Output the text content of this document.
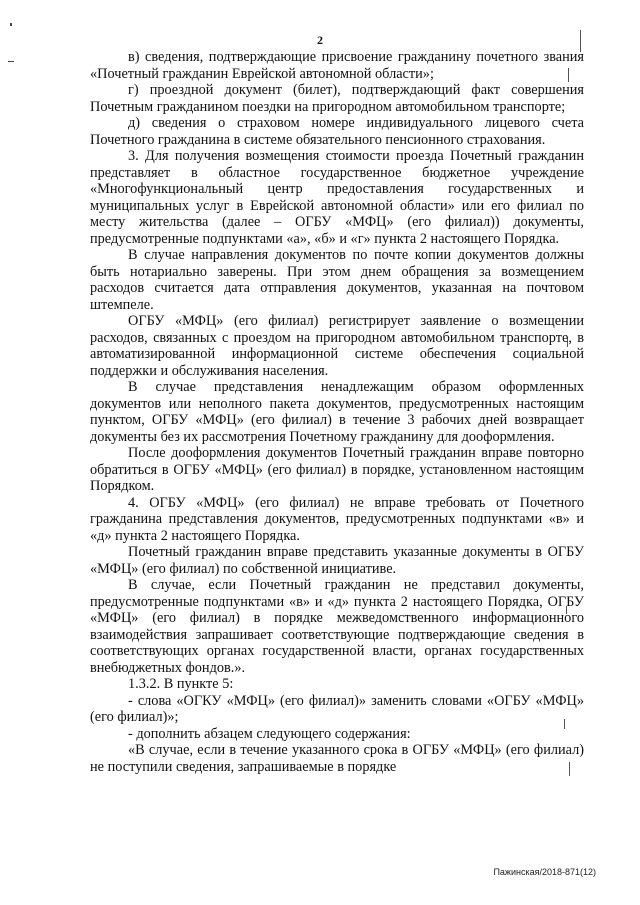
2

в) сведения, подтверждающие присвоение гражданину почетного звания «Почетный гражданин Еврейской автономной области»;

г) проездной документ (билет), подтверждающий факт совершения Почетным гражданином поездки на пригородном автомобильном транспорте;

д) сведения о страховом номере индивидуального лицевого счета Почетного гражданина в системе обязательного пенсионного страхования.

3. Для получения возмещения стоимости проезда Почетный гражданин представляет в областное государственное бюджетное учреждение «Многофункциональный центр предоставления государственных и муниципальных услуг в Еврейской автономной области» или его филиал по месту жительства (далее – ОГБУ «МФЦ» (его филиал)) документы, предусмотренные подпунктами «а», «б» и «г» пункта 2 настоящего Порядка.

В случае направления документов по почте копии документов должны быть нотариально заверены. При этом днем обращения за возмещением расходов считается дата отправления документов, указанная на почтовом штемпеле.

ОГБУ «МФЦ» (его филиал) регистрирует заявление о возмещении расходов, связанных с проездом на пригородном автомобильном транспорте, в автоматизированной информационной системе обеспечения социальной поддержки и обслуживания населения.

В случае представления ненадлежащим образом оформленных документов или неполного пакета документов, предусмотренных настоящим пунктом, ОГБУ «МФЦ» (его филиал) в течение 3 рабочих дней возвращает документы без их рассмотрения Почетному гражданину для дооформления.

После дооформления документов Почетный гражданин вправе повторно обратиться в ОГБУ «МФЦ» (его филиал) в порядке, установленном настоящим Порядком.

4. ОГБУ «МФЦ» (его филиал) не вправе требовать от Почетного гражданина представления документов, предусмотренных подпунктами «в» и «д» пункта 2 настоящего Порядка.

Почетный гражданин вправе представить указанные документы в ОГБУ «МФЦ» (его филиал) по собственной инициативе.

В случае, если Почетный гражданин не представил документы, предусмотренные подпунктами «в» и «д» пункта 2 настоящего Порядка, ОГБУ «МФЦ» (его филиал) в порядке межведомственного информационного взаимодействия запрашивает соответствующие подтверждающие сведения в соответствующих органах государственной власти, органах государственных внебюджетных фондов.».

1.3.2. В пункте 5:

- слова «ОГКУ «МФЦ» (его филиал)» заменить словами «ОГБУ «МФЦ» (его филиал)»;

- дополнить абзацем следующего содержания:

«В случае, если в течение указанного срока в ОГБУ «МФЦ» (его филиал) не поступили сведения, запрашиваемые в порядке

Пажинская/2018-871(12)
